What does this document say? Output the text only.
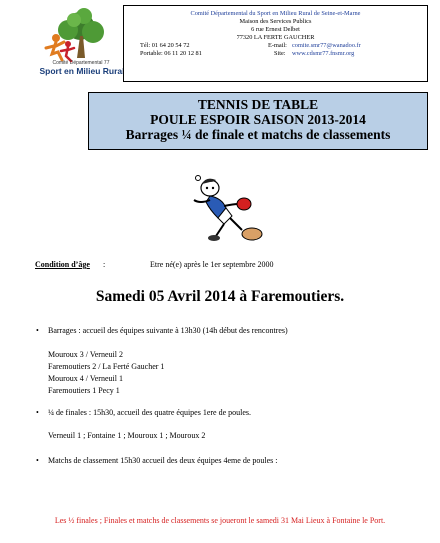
Comité Départemental 77
Sport en Milieu Rural
Comité Départemental du Sport en Milieu Rural de Seine-et-Marne
Maison des Services Publics
6 rue Ernest Delbet
77320 LA FERTE GAUCHER
Tél: 01 64 20 54 72	E-mail: comite.smr77@wanadoo.fr
Portable: 06 11 20 12 81	Site: www.cdsmr77.fnsmr.org
TENNIS DE TABLE
POULE ESPOIR SAISON 2013-2014
Barrages ¼ de finale et matchs de classements
Condition d’âge :	Etre né(e) après le 1er septembre 2000
Samedi 05 Avril 2014 à Faremoutiers.
• Barrages : accueil des équipes suivante à 13h30 (14h début des rencontres)
Mouroux 3 / Verneuil 2
Faremoutiers 2 / La Ferté Gaucher 1
Mouroux 4 / Verneuil 1
Faremoutiers 1 Pecy 1
• ¼ de finales : 15h30, accueil des quatre équipes 1ere de poules.
Verneuil 1 ; Fontaine 1 ; Mouroux 1 ; Mouroux 2
• Matchs de classement 15h30 accueil des deux équipes 4eme de poules :
Les ½ finales ; Finales et matchs de classements se joueront le samedi 31 Mai Lieux à Fontaine le Port.
